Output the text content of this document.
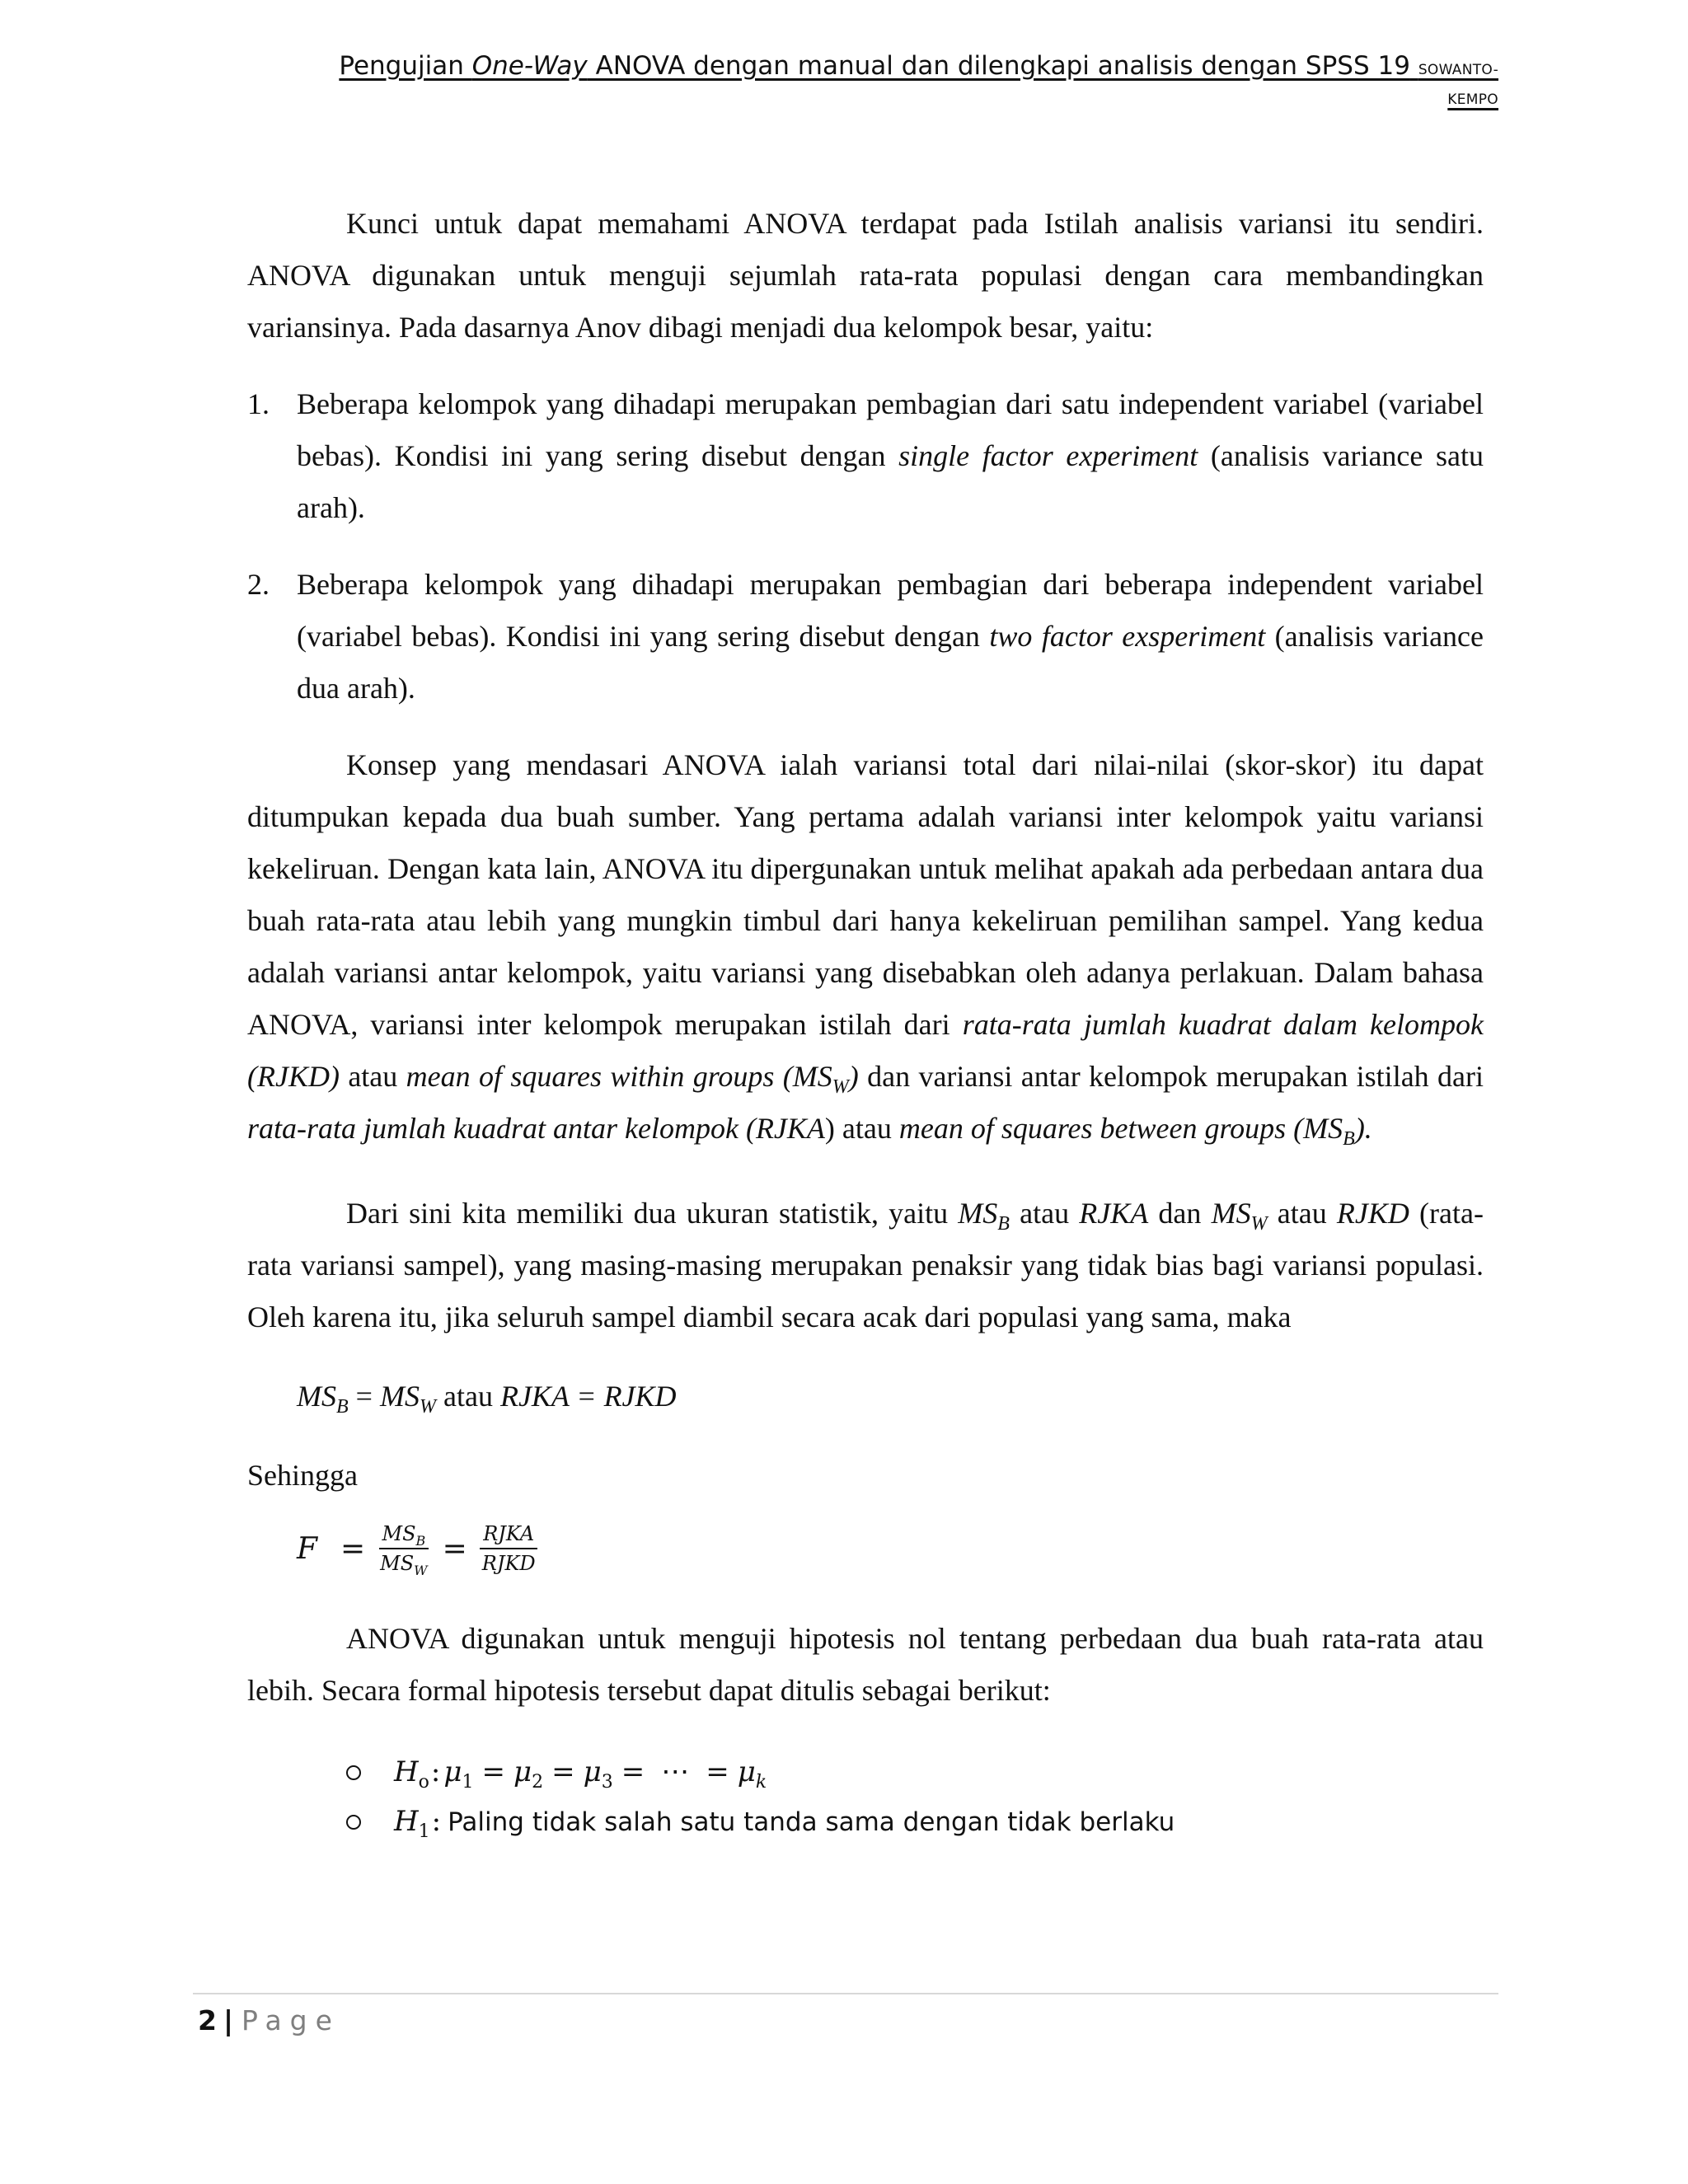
Pengujian One-Way ANOVA dengan manual dan dilengkapi analisis dengan SPSS 19 SOWANTO-KEMPO

Kunci untuk dapat memahami ANOVA terdapat pada Istilah analisis variansi itu sendiri. ANOVA digunakan untuk menguji sejumlah rata-rata populasi dengan cara membandingkan variansinya. Pada dasarnya Anov dibagi menjadi dua kelompok besar, yaitu:

1. Beberapa kelompok yang dihadapi merupakan pembagian dari satu independent variabel (variabel bebas). Kondisi ini yang sering disebut dengan single factor experiment (analisis variance satu arah).
2. Beberapa kelompok yang dihadapi merupakan pembagian dari beberapa independent variabel (variabel bebas). Kondisi ini yang sering disebut dengan two factor exsperiment (analisis variance dua arah).

Konsep yang mendasari ANOVA ialah variansi total dari nilai-nilai (skor-skor) itu dapat ditumpukan kepada dua buah sumber. Yang pertama adalah variansi inter kelompok yaitu variansi kekeliruan. Dengan kata lain, ANOVA itu dipergunakan untuk melihat apakah ada perbedaan antara dua buah rata-rata atau lebih yang mungkin timbul dari hanya kekeliruan pemilihan sampel. Yang kedua adalah variansi antar kelompok, yaitu variansi yang disebabkan oleh adanya perlakuan. Dalam bahasa ANOVA, variansi inter kelompok merupakan istilah dari rata-rata jumlah kuadrat dalam kelompok (RJKD) atau mean of squares within groups $(MS_W)$ dan variansi antar kelompok merupakan istilah dari rata-rata jumlah kuadrat antar kelompok (RJKA) atau mean of squares between groups $(MS_B)$.

Dari sini kita memiliki dua ukuran statistik, yaitu $MS_B$ atau RJKA dan $MS_W$ atau RJKD (rata-rata variansi sampel), yang masing-masing merupakan penaksir yang tidak bias bagi variansi populasi. Oleh karena itu, jika seluruh sampel diambil secara acak dari populasi yang sama, maka

$MS_B = MS_W$ atau RJKA = RJKD

Sehingga

$F = \frac{MS_B}{MS_W} = \frac{\text{RJKA}}{\text{RJKD}}$

ANOVA digunakan untuk menguji hipotesis nol tentang perbedaan dua buah rata-rata atau lebih. Secara formal hipotesis tersebut dapat ditulis sebagai berikut:

$H_o$: $\mu_1 = \mu_2 = \mu_3$ = ⋯ = $\mu_k$
$H_1$: Paling tidak salah satu tanda sama dengan tidak berlaku
2 | Page
